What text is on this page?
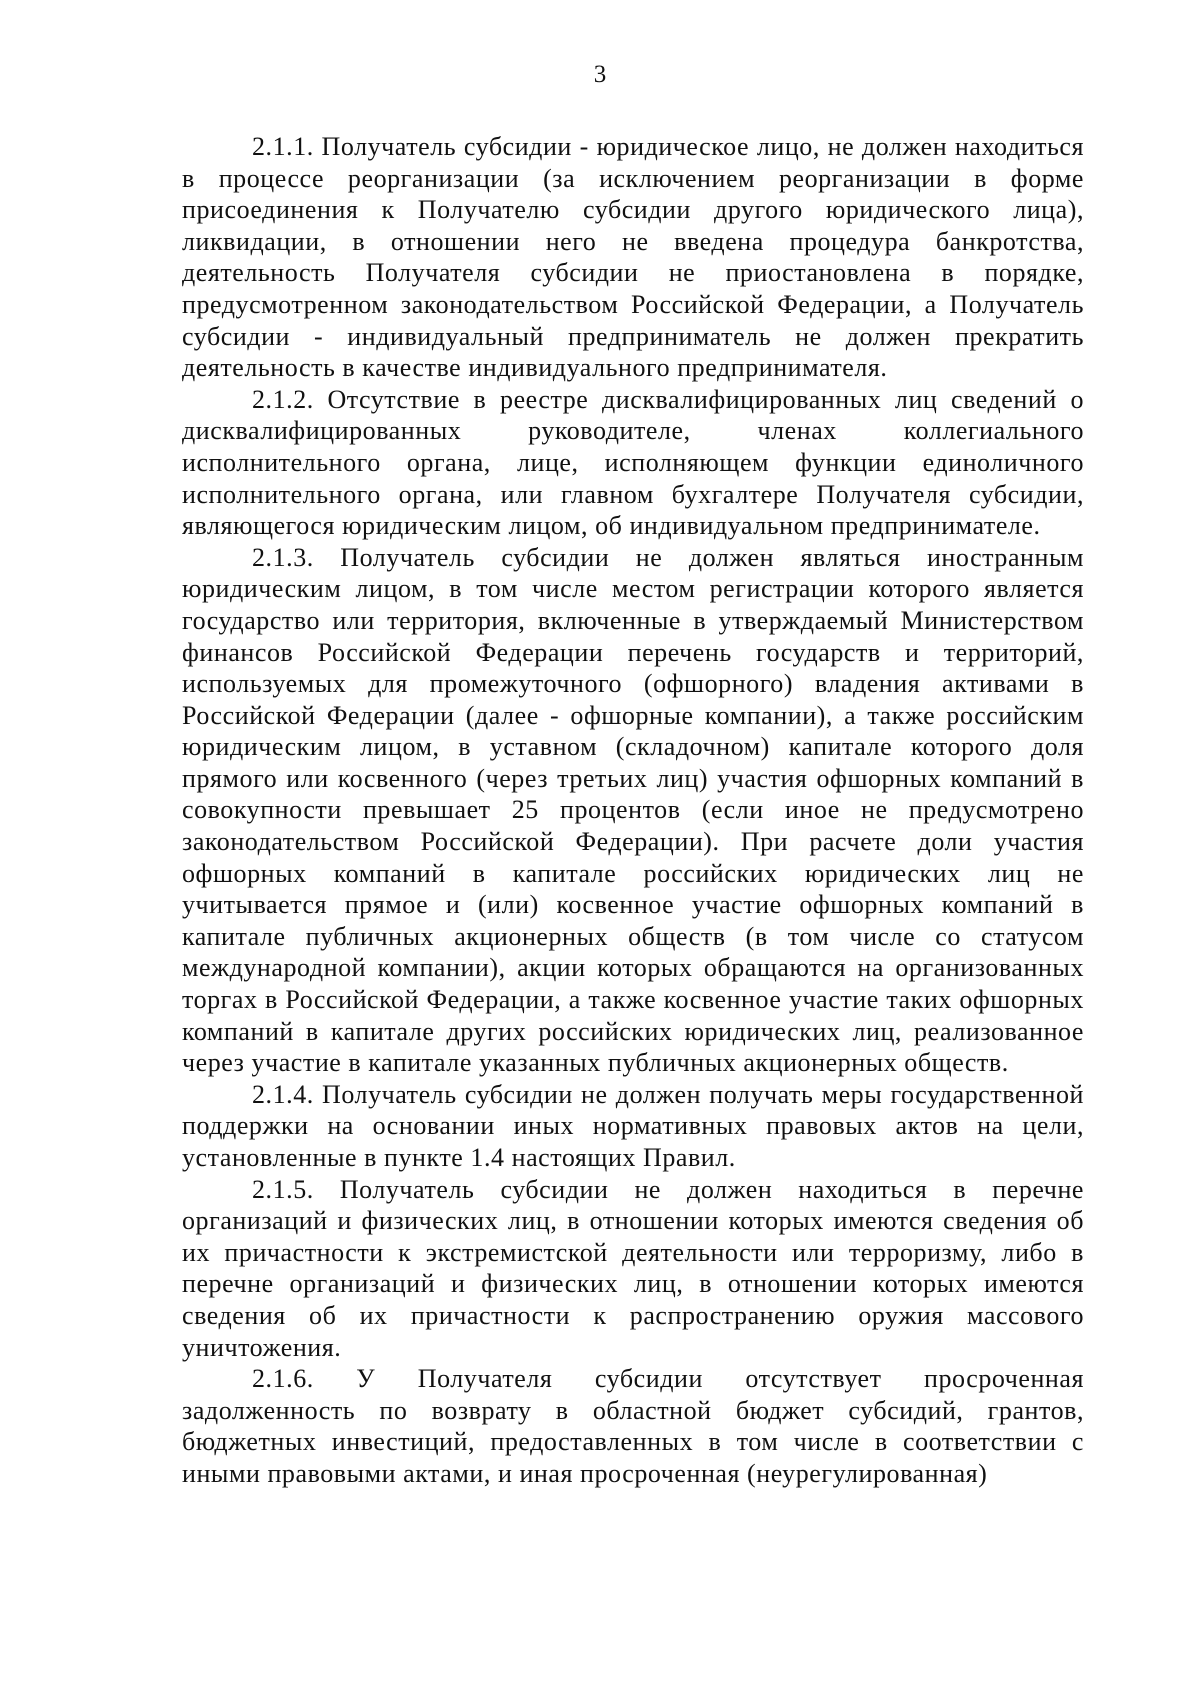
3

2.1.1. Получатель субсидии - юридическое лицо, не должен находиться в процессе реорганизации (за исключением реорганизации в форме присоединения к Получателю субсидии другого юридического лица), ликвидации, в отношении него не введена процедура банкротства, деятельность Получателя субсидии не приостановлена в порядке, предусмотренном законодательством Российской Федерации, а Получатель субсидии - индивидуальный предприниматель не должен прекратить деятельность в качестве индивидуального предпринимателя.

2.1.2. Отсутствие в реестре дисквалифицированных лиц сведений о дисквалифицированных руководителе, членах коллегиального исполнительного органа, лице, исполняющем функции единоличного исполнительного органа, или главном бухгалтере Получателя субсидии, являющегося юридическим лицом, об индивидуальном предпринимателе.

2.1.3. Получатель субсидии не должен являться иностранным юридическим лицом, в том числе местом регистрации которого является государство или территория, включенные в утверждаемый Министерством финансов Российской Федерации перечень государств и территорий, используемых для промежуточного (офшорного) владения активами в Российской Федерации (далее - офшорные компании), а также российским юридическим лицом, в уставном (складочном) капитале которого доля прямого или косвенного (через третьих лиц) участия офшорных компаний в совокупности превышает 25 процентов (если иное не предусмотрено законодательством Российской Федерации). При расчете доли участия офшорных компаний в капитале российских юридических лиц не учитывается прямое и (или) косвенное участие офшорных компаний в капитале публичных акционерных обществ (в том числе со статусом международной компании), акции которых обращаются на организованных торгах в Российской Федерации, а также косвенное участие таких офшорных компаний в капитале других российских юридических лиц, реализованное через участие в капитале указанных публичных акционерных обществ.

2.1.4. Получатель субсидии не должен получать меры государственной поддержки на основании иных нормативных правовых актов на цели, установленные в пункте 1.4 настоящих Правил.

2.1.5. Получатель субсидии не должен находиться в перечне организаций и физических лиц, в отношении которых имеются сведения об их причастности к экстремистской деятельности или терроризму, либо в перечне организаций и физических лиц, в отношении которых имеются сведения об их причастности к распространению оружия массового уничтожения.

2.1.6. У Получателя субсидии отсутствует просроченная задолженность по возврату в областной бюджет субсидий, грантов, бюджетных инвестиций, предоставленных в том числе в соответствии с иными правовыми актами, и иная просроченная (неурегулированная)
